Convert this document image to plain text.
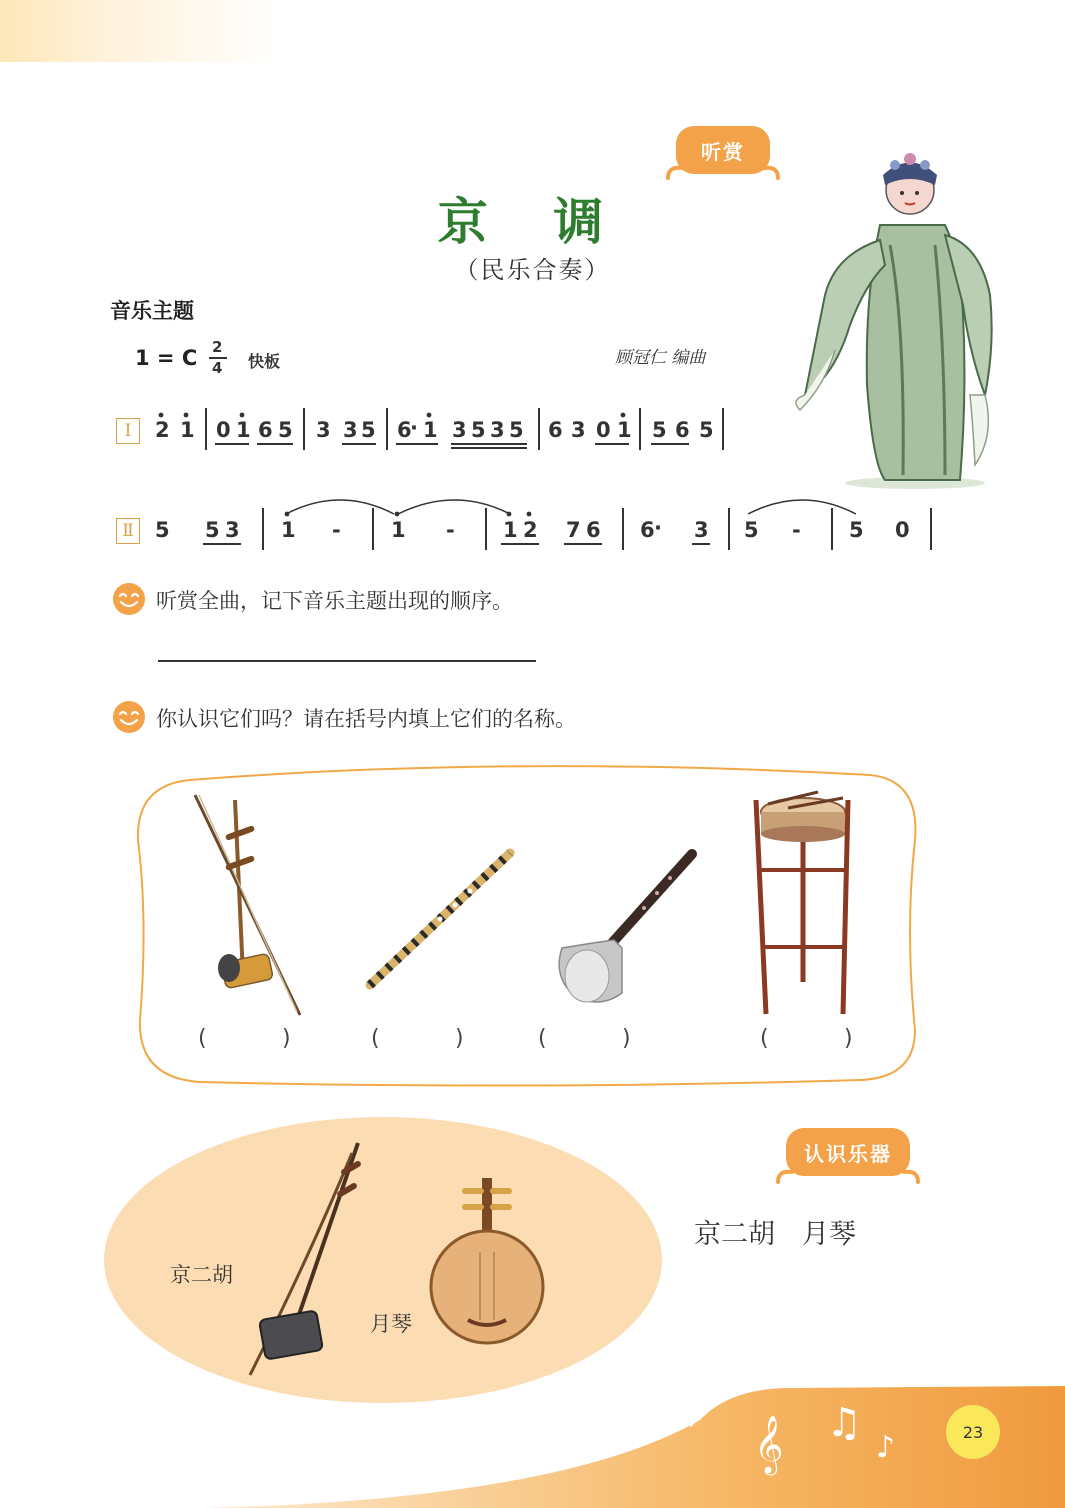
听赏
京 调
（民乐合奏）
音乐主题
1 = C 2
4 快板	顾冠仁 编曲
Ⅰ	2 1 0 1 6 5 3 3 5 6
· 1 3 5 3 5 6 3 0 1 5 6 5
Ⅱ 5 5 3 1 - 1 - 1 2 7 6 6 · 3 5 - 5 0
听赏全曲，记下音乐主题出现的顺序。
你认识它们吗？请在括号内填上它们的名称。
(	)	(	)	(	)	(	)
京二胡
月琴
认识乐器
京二胡　月琴
𝄞 ♫
♪	23
